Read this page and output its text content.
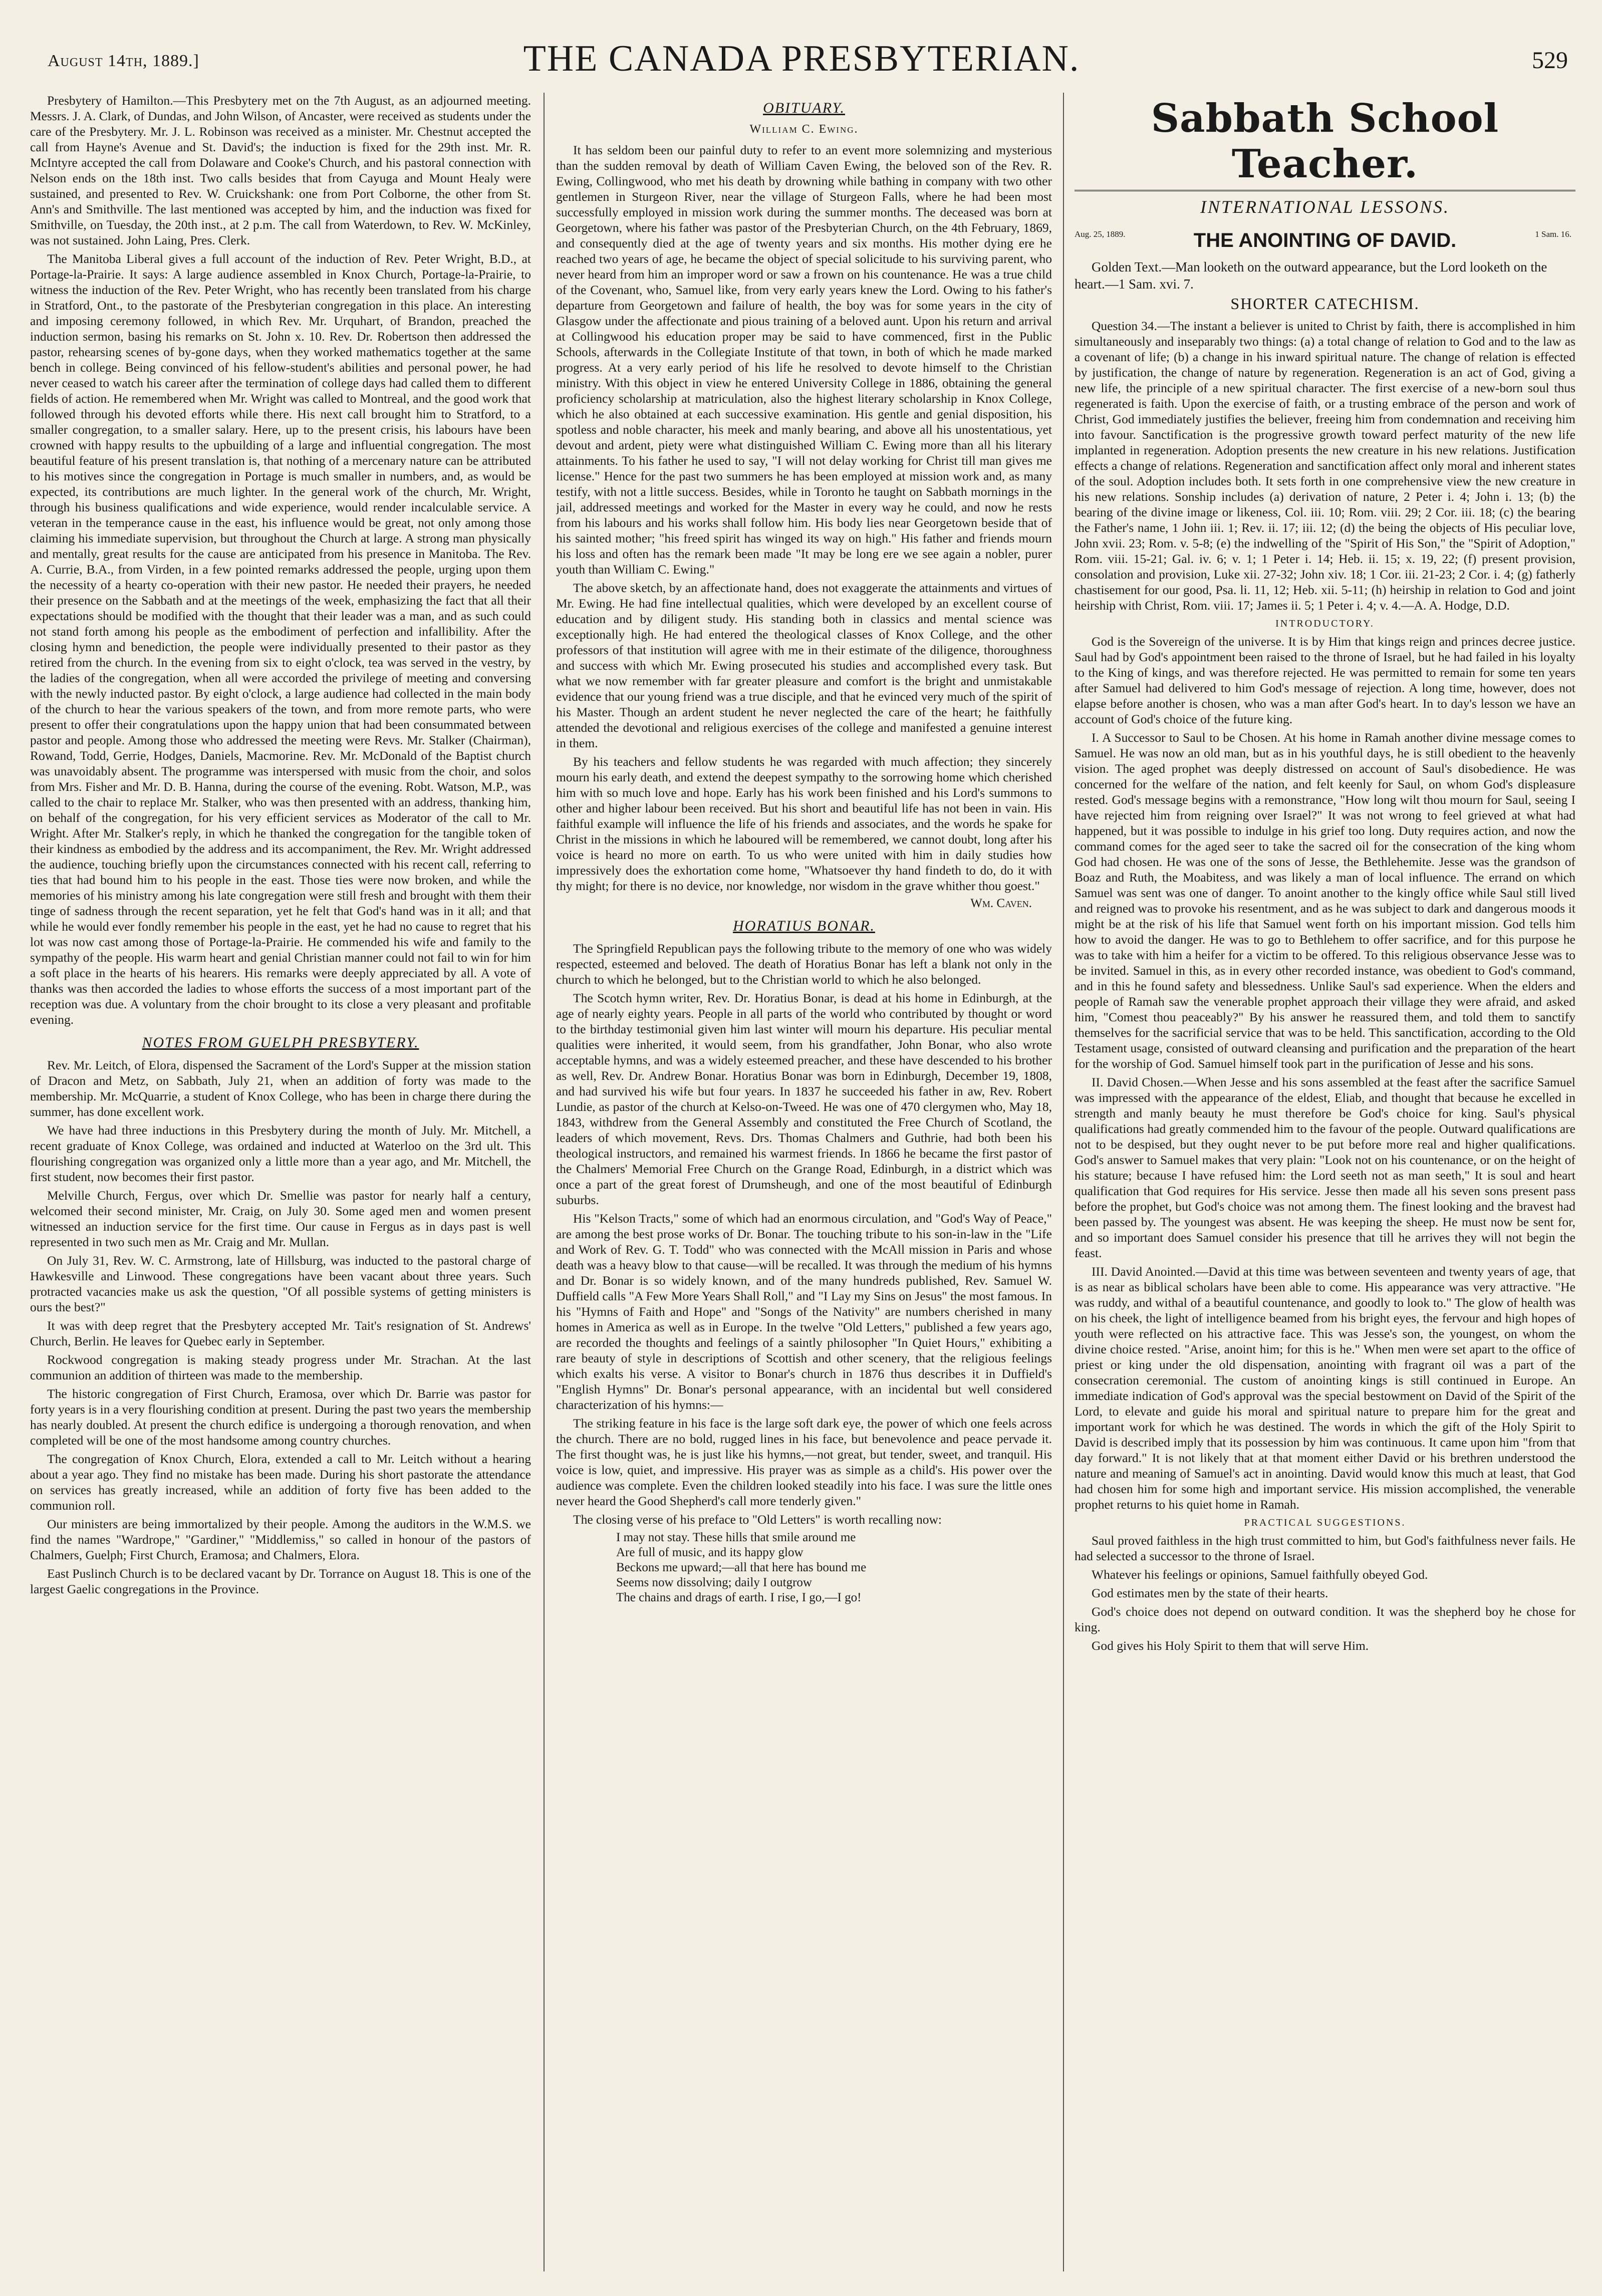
August 14th, 1889.]	THE CANADA PRESBYTERIAN.	529

Presbytery of Hamilton.—This Presbytery met on the 7th August, as an adjourned meeting. Messrs. J. A. Clark, of Dundas, and John Wilson, of Ancaster, were received as students under the care of the Presbytery. Mr. J. L. Robinson was received as a minister. Mr. Chestnut accepted the call from Hayne's Avenue and St. David's; the induction is fixed for the 29th inst. Mr. R. McIntyre accepted the call from Dolaware and Cooke's Church, and his pastoral connection with Nelson ends on the 18th inst. Two calls besides that from Cayuga and Mount Healy were sustained, and presented to Rev. W. Cruickshank: one from Port Colborne, the other from St. Ann's and Smithville. The last mentioned was accepted by him, and the induction was fixed for Smithville, on Tuesday, the 20th inst., at 2 p.m. The call from Waterdown, to Rev. W. McKinley, was not sustained. John Laing, Pres. Clerk.

The Manitoba Liberal gives a full account of the induction of Rev. Peter Wright, B.D., at Portage-la-Prairie. It says: A large audience assembled in Knox Church, Portage-la-Prairie, to witness the induction of the Rev. Peter Wright, who has recently been translated from his charge in Stratford, Ont., to the pastorate of the Presbyterian congregation in this place. An interesting and imposing ceremony followed, in which Rev. Mr. Urquhart, of Brandon, preached the induction sermon, basing his remarks on St. John x. 10. Rev. Dr. Robertson then addressed the pastor, rehearsing scenes of by-gone days, when they worked mathematics together at the same bench in college. Being convinced of his fellow-student's abilities and personal power, he had never ceased to watch his career after the termination of college days had called them to different fields of action. He remembered when Mr. Wright was called to Montreal, and the good work that followed through his devoted efforts while there. His next call brought him to Stratford, to a smaller congregation, to a smaller salary. Here, up to the present crisis, his labours have been crowned with happy results to the upbuilding of a large and influential congregation. The most beautiful feature of his present translation is, that nothing of a mercenary nature can be attributed to his motives since the congregation in Portage is much smaller in numbers, and, as would be expected, its contributions are much lighter. In the general work of the church, Mr. Wright, through his business qualifications and wide experience, would render incalculable service. A veteran in the temperance cause in the east, his influence would be great, not only among those claiming his immediate supervision, but throughout the Church at large. A strong man physically and mentally, great results for the cause are anticipated from his presence in Manitoba. The Rev. A. Currie, B.A., from Virden, in a few pointed remarks addressed the people, urging upon them the necessity of a hearty co-operation with their new pastor. He needed their prayers, he needed their presence on the Sabbath and at the meetings of the week, emphasizing the fact that all their expectations should be modified with the thought that their leader was a man, and as such could not stand forth among his people as the embodiment of perfection and infallibility. After the closing hymn and benediction, the people were individually presented to their pastor as they retired from the church. In the evening from six to eight o'clock, tea was served in the vestry, by the ladies of the congregation, when all were accorded the privilege of meeting and conversing with the newly inducted pastor. By eight o'clock, a large audience had collected in the main body of the church to hear the various speakers of the town, and from more remote parts, who were present to offer their congratulations upon the happy union that had been consummated between pastor and people. Among those who addressed the meeting were Revs. Mr. Stalker (Chairman), Rowand, Todd, Gerrie, Hodges, Daniels, Macmorine. Rev. Mr. McDonald of the Baptist church was unavoidably absent. The programme was interspersed with music from the choir, and solos from Mrs. Fisher and Mr. D. B. Hanna, during the course of the evening. Robt. Watson, M.P., was called to the chair to replace Mr. Stalker, who was then presented with an address, thanking him, on behalf of the congregation, for his very efficient services as Moderator of the call to Mr. Wright. After Mr. Stalker's reply, in which he thanked the congregation for the tangible token of their kindness as embodied by the address and its accompaniment, the Rev. Mr. Wright addressed the audience, touching briefly upon the circumstances connected with his recent call, referring to ties that had bound him to his people in the east. Those ties were now broken, and while the memories of his ministry among his late congregation were still fresh and brought with them their tinge of sadness through the recent separation, yet he felt that God's hand was in it all; and that while he would ever fondly remember his people in the east, yet he had no cause to regret that his lot was now cast among those of Portage-la-Prairie. He commended his wife and family to the sympathy of the people. His warm heart and genial Christian manner could not fail to win for him a soft place in the hearts of his hearers. His remarks were deeply appreciated by all. A vote of thanks was then accorded the ladies to whose efforts the success of a most important part of the reception was due. A voluntary from the choir brought to its close a very pleasant and profitable evening.

NOTES FROM GUELPH PRESBYTERY.

Rev. Mr. Leitch, of Elora, dispensed the Sacrament of the Lord's Supper at the mission station of Dracon and Metz, on Sabbath, July 21, when an addition of forty was made to the membership. Mr. McQuarrie, a student of Knox College, who has been in charge there during the summer, has done excellent work.

We have had three inductions in this Presbytery during the month of July. Mr. Mitchell, a recent graduate of Knox College, was ordained and inducted at Waterloo on the 3rd ult. This flourishing congregation was organized only a little more than a year ago, and Mr. Mitchell, the first student, now becomes their first pastor.

Melville Church, Fergus, over which Dr. Smellie was pastor for nearly half a century, welcomed their second minister, Mr. Craig, on July 30. Some aged men and women present witnessed an induction service for the first time. Our cause in Fergus as in days past is well represented in two such men as Mr. Craig and Mr. Mullan.

On July 31, Rev. W. C. Armstrong, late of Hillsburg, was inducted to the pastoral charge of Hawkesville and Linwood. These congregations have been vacant about three years. Such protracted vacancies make us ask the question, "Of all possible systems of getting ministers is ours the best?"

It was with deep regret that the Presbytery accepted Mr. Tait's resignation of St. Andrews' Church, Berlin. He leaves for Quebec early in September.

Rockwood congregation is making steady progress under Mr. Strachan. At the last communion an addition of thirteen was made to the membership.

The historic congregation of First Church, Eramosa, over which Dr. Barrie was pastor for forty years is in a very flourishing condition at present. During the past two years the membership has nearly doubled. At present the church edifice is undergoing a thorough renovation, and when completed will be one of the most handsome among country churches.

The congregation of Knox Church, Elora, extended a call to Mr. Leitch without a hearing about a year ago. They find no mistake has been made. During his short pastorate the attendance on services has greatly increased, while an addition of forty five has been added to the communion roll.

Our ministers are being immortalized by their people. Among the auditors in the W.M.S. we find the names "Wardrope," "Gardiner," "Middlemiss," so called in honour of the pastors of Chalmers, Guelph; First Church, Eramosa; and Chalmers, Elora.

East Puslinch Church is to be declared vacant by Dr. Torrance on August 18. This is one of the largest Gaelic congregations in the Province.

OBITUARY.
William C. Ewing.

It has seldom been our painful duty to refer to an event more solemnizing and mysterious than the sudden removal by death of William Caven Ewing, the beloved son of the Rev. R. Ewing, Collingwood, who met his death by drowning while bathing in company with two other gentlemen in Sturgeon River, near the village of Sturgeon Falls, where he had been most successfully employed in mission work during the summer months. The deceased was born at Georgetown, where his father was pastor of the Presbyterian Church, on the 4th February, 1869, and consequently died at the age of twenty years and six months. His mother dying ere he reached two years of age, he became the object of special solicitude to his surviving parent, who never heard from him an improper word or saw a frown on his countenance. He was a true child of the Covenant, who, Samuel like, from very early years knew the Lord. Owing to his father's departure from Georgetown and failure of health, the boy was for some years in the city of Glasgow under the affectionate and pious training of a beloved aunt. Upon his return and arrival at Collingwood his education proper may be said to have commenced, first in the Public Schools, afterwards in the Collegiate Institute of that town, in both of which he made marked progress. At a very early period of his life he resolved to devote himself to the Christian ministry. With this object in view he entered University College in 1886, obtaining the general proficiency scholarship at matriculation, also the highest literary scholarship in Knox College, which he also obtained at each successive examination. His gentle and genial disposition, his spotless and noble character, his meek and manly bearing, and above all his unostentatious, yet devout and ardent, piety were what distinguished William C. Ewing more than all his literary attainments. To his father he used to say, "I will not delay working for Christ till man gives me license." Hence for the past two summers he has been employed at mission work and, as many testify, with not a little success. Besides, while in Toronto he taught on Sabbath mornings in the jail, addressed meetings and worked for the Master in every way he could, and now he rests from his labours and his works shall follow him. His body lies near Georgetown beside that of his sainted mother; "his freed spirit has winged its way on high." His father and friends mourn his loss and often has the remark been made "It may be long ere we see again a nobler, purer youth than William C. Ewing."

The above sketch, by an affectionate hand, does not exaggerate the attainments and virtues of Mr. Ewing. He had fine intellectual qualities, which were developed by an excellent course of education and by diligent study. His standing both in classics and mental science was exceptionally high. He had entered the theological classes of Knox College, and the other professors of that institution will agree with me in their estimate of the diligence, thoroughness and success with which Mr. Ewing prosecuted his studies and accomplished every task. But what we now remember with far greater pleasure and comfort is the bright and unmistakable evidence that our young friend was a true disciple, and that he evinced very much of the spirit of his Master. Though an ardent student he never neglected the care of the heart; he faithfully attended the devotional and religious exercises of the college and manifested a genuine interest in them.

By his teachers and fellow students he was regarded with much affection; they sincerely mourn his early death, and extend the deepest sympathy to the sorrowing home which cherished him with so much love and hope. Early has his work been finished and his Lord's summons to other and higher labour been received. But his short and beautiful life has not been in vain. His faithful example will influence the life of his friends and associates, and the words he spake for Christ in the missions in which he laboured will be remembered, we cannot doubt, long after his voice is heard no more on earth. To us who were united with him in daily studies how impressively does the exhortation come home, "Whatsoever thy hand findeth to do, do it with thy might; for there is no device, nor knowledge, nor wisdom in the grave whither thou goest."

Wm. Caven.
HORATIUS BONAR.

The Springfield Republican pays the following tribute to the memory of one who was widely respected, esteemed and beloved. The death of Horatius Bonar has left a blank not only in the church to which he belonged, but to the Christian world to which he also belonged.

The Scotch hymn writer, Rev. Dr. Horatius Bonar, is dead at his home in Edinburgh, at the age of nearly eighty years. People in all parts of the world who contributed by thought or word to the birthday testimonial given him last winter will mourn his departure. His peculiar mental qualities were inherited, it would seem, from his grandfather, John Bonar, who also wrote acceptable hymns, and was a widely esteemed preacher, and these have descended to his brother as well, Rev. Dr. Andrew Bonar. Horatius Bonar was born in Edinburgh, December 19, 1808, and had survived his wife but four years. In 1837 he succeeded his father in aw, Rev. Robert Lundie, as pastor of the church at Kelso-on-Tweed. He was one of 470 clergymen who, May 18, 1843, withdrew from the General Assembly and constituted the Free Church of Scotland, the leaders of which movement, Revs. Drs. Thomas Chalmers and Guthrie, had both been his theological instructors, and remained his warmest friends. In 1866 he became the first pastor of the Chalmers' Memorial Free Church on the Grange Road, Edinburgh, in a district which was once a part of the great forest of Drumsheugh, and one of the most beautiful of Edinburgh suburbs.

His "Kelson Tracts," some of which had an enormous circulation, and "God's Way of Peace," are among the best prose works of Dr. Bonar. The touching tribute to his son-in-law in the "Life and Work of Rev. G. T. Todd" who was connected with the McAll mission in Paris and whose death was a heavy blow to that cause—will be recalled. It was through the medium of his hymns and Dr. Bonar is so widely known, and of the many hundreds published, Rev. Samuel W. Duffield calls "A Few More Years Shall Roll," and "I Lay my Sins on Jesus" the most famous. In his "Hymns of Faith and Hope" and "Songs of the Nativity" are numbers cherished in many homes in America as well as in Europe. In the twelve "Old Letters," published a few years ago, are recorded the thoughts and feelings of a saintly philosopher "In Quiet Hours," exhibiting a rare beauty of style in descriptions of Scottish and other scenery, that the religious feelings which exalts his verse. A visitor to Bonar's church in 1876 thus describes it in Duffield's "English Hymns" Dr. Bonar's personal appearance, with an incidental but well considered characterization of his hymns:—

The striking feature in his face is the large soft dark eye, the power of which one feels across the church. There are no bold, rugged lines in his face, but benevolence and peace pervade it. The first thought was, he is just like his hymns,—not great, but tender, sweet, and tranquil. His voice is low, quiet, and impressive. His prayer was as simple as a child's. His power over the audience was complete. Even the children looked steadily into his face. I was sure the little ones never heard the Good Shepherd's call more tenderly given."

The closing verse of his preface to "Old Letters" is worth recalling now:

I may not stay. These hills that smile around me
Are full of music, and its happy glow
Beckons me upward;—all that here has bound me
Seems now dissolving; daily I outgrow
The chains and drags of earth. I rise, I go,—I go!
Sabbath School Teacher.
INTERNATIONAL LESSONS.
Aug. 25, 1889.	THE ANOINTING OF DAVID.	1 Sam. 16.
Golden Text.—Man looketh on the outward appearance, but the Lord looketh on the heart.—1 Sam. xvi. 7.
SHORTER CATECHISM.

Question 34.—The instant a believer is united to Christ by faith, there is accomplished in him simultaneously and inseparably two things: (a) a total change of relation to God and to the law as a covenant of life; (b) a change in his inward spiritual nature. The change of relation is effected by justification, the change of nature by regeneration. Regeneration is an act of God, giving a new life, the principle of a new spiritual character. The first exercise of a new-born soul thus regenerated is faith. Upon the exercise of faith, or a trusting embrace of the person and work of Christ, God immediately justifies the believer, freeing him from condemnation and receiving him into favour. Sanctification is the progressive growth toward perfect maturity of the new life implanted in regeneration. Adoption presents the new creature in his new relations. Justification effects a change of relations. Regeneration and sanctification affect only moral and inherent states of the soul. Adoption includes both. It sets forth in one comprehensive view the new creature in his new relations. Sonship includes (a) derivation of nature, 2 Peter i. 4; John i. 13; (b) the bearing of the divine image or likeness, Col. iii. 10; Rom. viii. 29; 2 Cor. iii. 18; (c) the bearing the Father's name, 1 John iii. 1; Rev. ii. 17; iii. 12; (d) the being the objects of His peculiar love, John xvii. 23; Rom. v. 5-8; (e) the indwelling of the "Spirit of His Son," the "Spirit of Adoption," Rom. viii. 15-21; Gal. iv. 6; v. 1; 1 Peter i. 14; Heb. ii. 15; x. 19, 22; (f) present provision, consolation and provision, Luke xii. 27-32; John xiv. 18; 1 Cor. iii. 21-23; 2 Cor. i. 4; (g) fatherly chastisement for our good, Psa. li. 11, 12; Heb. xii. 5-11; (h) heirship in relation to God and joint heirship with Christ, Rom. viii. 17; James ii. 5; 1 Peter i. 4; v. 4.—A. A. Hodge, D.D.

INTRODUCTORY.

God is the Sovereign of the universe. It is by Him that kings reign and princes decree justice. Saul had by God's appointment been raised to the throne of Israel, but he had failed in his loyalty to the King of kings, and was therefore rejected. He was permitted to remain for some ten years after Samuel had delivered to him God's message of rejection. A long time, however, does not elapse before another is chosen, who was a man after God's heart. In to day's lesson we have an account of God's choice of the future king.

I. A Successor to Saul to be Chosen. At his home in Ramah another divine message comes to Samuel. He was now an old man, but as in his youthful days, he is still obedient to the heavenly vision. The aged prophet was deeply distressed on account of Saul's disobedience. He was concerned for the welfare of the nation, and felt keenly for Saul, on whom God's displeasure rested. God's message begins with a remonstrance, "How long wilt thou mourn for Saul, seeing I have rejected him from reigning over Israel?" It was not wrong to feel grieved at what had happened, but it was possible to indulge in his grief too long. Duty requires action, and now the command comes for the aged seer to take the sacred oil for the consecration of the king whom God had chosen. He was one of the sons of Jesse, the Bethlehemite. Jesse was the grandson of Boaz and Ruth, the Moabitess, and was likely a man of local influence. The errand on which Samuel was sent was one of danger. To anoint another to the kingly office while Saul still lived and reigned was to provoke his resentment, and as he was subject to dark and dangerous moods it might be at the risk of his life that Samuel went forth on his important mission. God tells him how to avoid the danger. He was to go to Bethlehem to offer sacrifice, and for this purpose he was to take with him a heifer for a victim to be offered. To this religious observance Jesse was to be invited. Samuel in this, as in every other recorded instance, was obedient to God's command, and in this he found safety and blessedness. Unlike Saul's sad experience. When the elders and people of Ramah saw the venerable prophet approach their village they were afraid, and asked him, "Comest thou peaceably?" By his answer he reassured them, and told them to sanctify themselves for the sacrificial service that was to be held. This sanctification, according to the Old Testament usage, consisted of outward cleansing and purification and the preparation of the heart for the worship of God. Samuel himself took part in the purification of Jesse and his sons.

II. David Chosen.—When Jesse and his sons assembled at the feast after the sacrifice Samuel was impressed with the appearance of the eldest, Eliab, and thought that because he excelled in strength and manly beauty he must therefore be God's choice for king. Saul's physical qualifications had greatly commended him to the favour of the people. Outward qualifications are not to be despised, but they ought never to be put before more real and higher qualifications. God's answer to Samuel makes that very plain: "Look not on his countenance, or on the height of his stature; because I have refused him: the Lord seeth not as man seeth," It is soul and heart qualification that God requires for His service. Jesse then made all his seven sons present pass before the prophet, but God's choice was not among them. The finest looking and the bravest had been passed by. The youngest was absent. He was keeping the sheep. He must now be sent for, and so important does Samuel consider his presence that till he arrives they will not begin the feast.

III. David Anointed.—David at this time was between seventeen and twenty years of age, that is as near as biblical scholars have been able to come. His appearance was very attractive. "He was ruddy, and withal of a beautiful countenance, and goodly to look to." The glow of health was on his cheek, the light of intelligence beamed from his bright eyes, the fervour and high hopes of youth were reflected on his attractive face. This was Jesse's son, the youngest, on whom the divine choice rested. "Arise, anoint him; for this is he." When men were set apart to the office of priest or king under the old dispensation, anointing with fragrant oil was a part of the consecration ceremonial. The custom of anointing kings is still continued in Europe. An immediate indication of God's approval was the special bestowment on David of the Spirit of the Lord, to elevate and guide his moral and spiritual nature to prepare him for the great and important work for which he was destined. The words in which the gift of the Holy Spirit to David is described imply that its possession by him was continuous. It came upon him "from that day forward." It is not likely that at that moment either David or his brethren understood the nature and meaning of Samuel's act in anointing. David would know this much at least, that God had chosen him for some high and important service. His mission accomplished, the venerable prophet returns to his quiet home in Ramah.

PRACTICAL SUGGESTIONS.

Saul proved faithless in the high trust committed to him, but God's faithfulness never fails. He had selected a successor to the throne of Israel.

Whatever his feelings or opinions, Samuel faithfully obeyed God.

God estimates men by the state of their hearts.

God's choice does not depend on outward condition. It was the shepherd boy he chose for king.

God gives his Holy Spirit to them that will serve Him.
